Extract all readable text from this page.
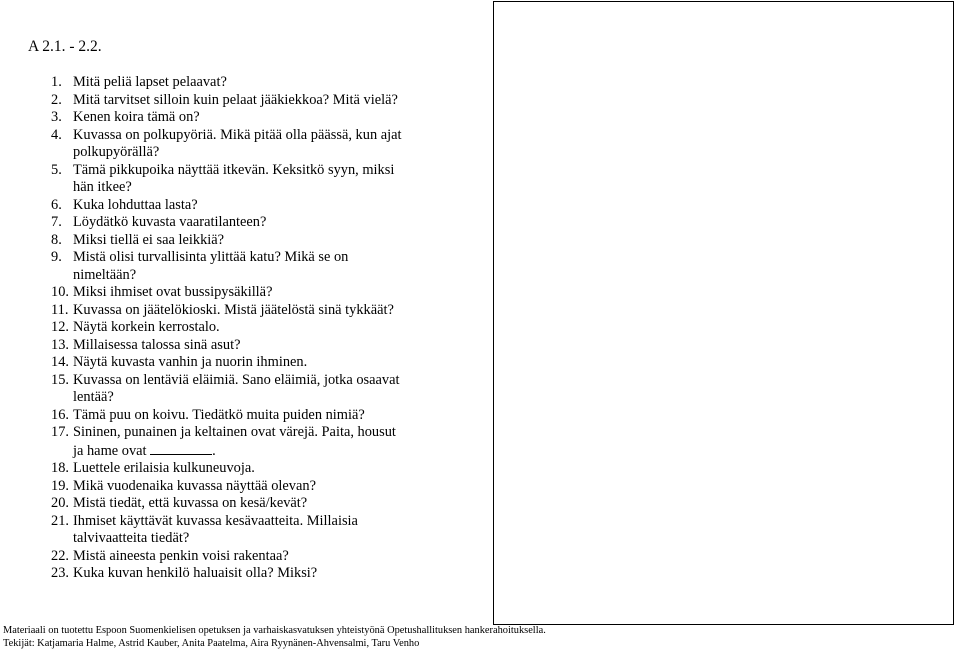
A 2.1. - 2.2.
1. Mitä peliä lapset pelaavat?
2. Mitä tarvitset silloin kuin pelaat jääkiekkoa? Mitä vielä?
3. Kenen koira tämä on?
4. Kuvassa on polkupyöriä. Mikä pitää olla päässä, kun ajat
polkupyörällä?
5. Tämä pikkupoika näyttää itkevän. Keksitkö syyn, miksi
hän itkee?
6. Kuka lohduttaa lasta?
7. Löydätkö kuvasta vaaratilanteen?
8. Miksi tiellä ei saa leikkiä?
9. Mistä olisi turvallisinta ylittää katu? Mikä se on
nimeltään?
10. Miksi ihmiset ovat bussipysäkillä?
11. Kuvassa on jäätelökioski. Mistä jäätelöstä sinä tykkäät?
12. Näytä korkein kerrostalo.
13. Millaisessa talossa sinä asut?
14. Näytä kuvasta vanhin ja nuorin ihminen.
15. Kuvassa on lentäviä eläimiä. Sano eläimiä, jotka osaavat
lentää?
16. Tämä puu on koivu. Tiedätkö muita puiden nimiä?
17. Sininen, punainen ja keltainen ovat värejä. Paita, housut
ja hame ovat	.
18. Luettele erilaisia kulkuneuvoja.
19. Mikä vuodenaika kuvassa näyttää olevan?
20. Mistä tiedät, että kuvassa on kesä/kevät?
21. Ihmiset käyttävät kuvassa kesävaatteita. Millaisia
talvivaatteita tiedät?
22. Mistä aineesta penkin voisi rakentaa?
23. Kuka kuvan henkilö haluaisit olla? Miksi?
Materiaali on tuotettu Espoon Suomenkielisen opetuksen ja varhaiskasvatuksen yhteistyönä Opetushallituksen hankerahoituksella.
Tekijät: Katjamaria Halme, Astrid Kauber, Anita Paatelma, Aira Ryynänen-Ahvensalmi, Taru Venho
